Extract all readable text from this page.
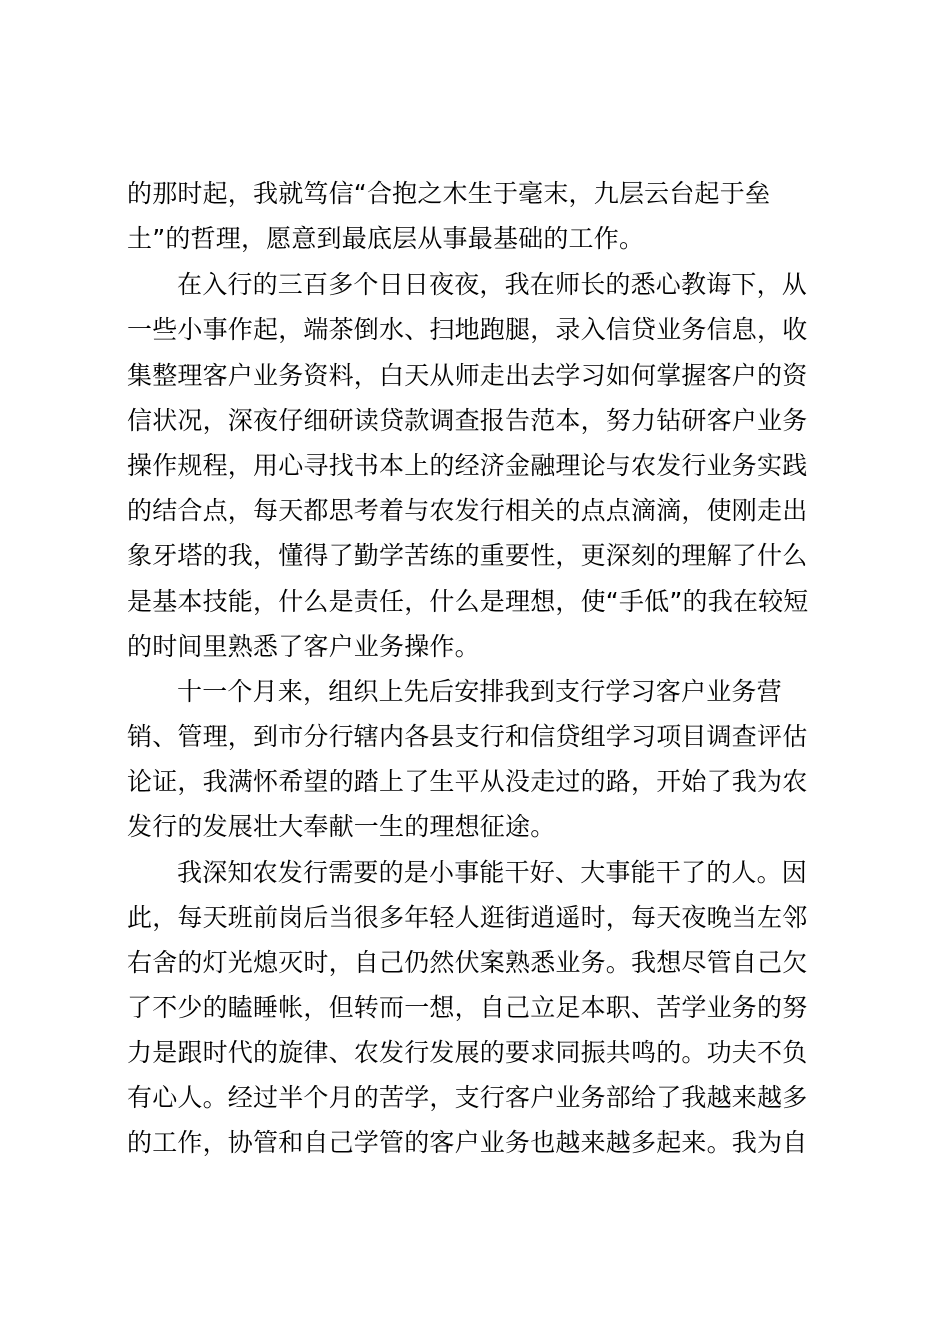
的那时起，我就笃信“合抱之木生于毫末，九层云台起于垒
土”的哲理，愿意到最底层从事最基础的工作。
在入行的三百多个日日夜夜，我在师长的悉心教诲下，从
一些小事作起，端茶倒水、扫地跑腿，录入信贷业务信息，收
集整理客户业务资料，白天从师走出去学习如何掌握客户的资
信状况，深夜仔细研读贷款调查报告范本，努力钻研客户业务
操作规程，用心寻找书本上的经济金融理论与农发行业务实践
的结合点，每天都思考着与农发行相关的点点滴滴，使刚走出
象牙塔的我，懂得了勤学苦练的重要性，更深刻的理解了什么
是基本技能，什么是责任，什么是理想，使“手低”的我在较短
的时间里熟悉了客户业务操作。
十一个月来，组织上先后安排我到支行学习客户业务营
销、管理，到市分行辖内各县支行和信贷组学习项目调查评估
论证，我满怀希望的踏上了生平从没走过的路，开始了我为农
发行的发展壮大奉献一生的理想征途。
我深知农发行需要的是小事能干好、大事能干了的人。因
此，每天班前岗后当很多年轻人逛街逍遥时，每天夜晚当左邻
右舍的灯光熄灭时，自己仍然伏案熟悉业务。我想尽管自己欠
了不少的瞌睡帐，但转而一想，自己立足本职、苦学业务的努
力是跟时代的旋律、农发行发展的要求同振共鸣的。功夫不负
有心人。经过半个月的苦学，支行客户业务部给了我越来越多
的工作，协管和自己学管的客户业务也越来越多起来。我为自
